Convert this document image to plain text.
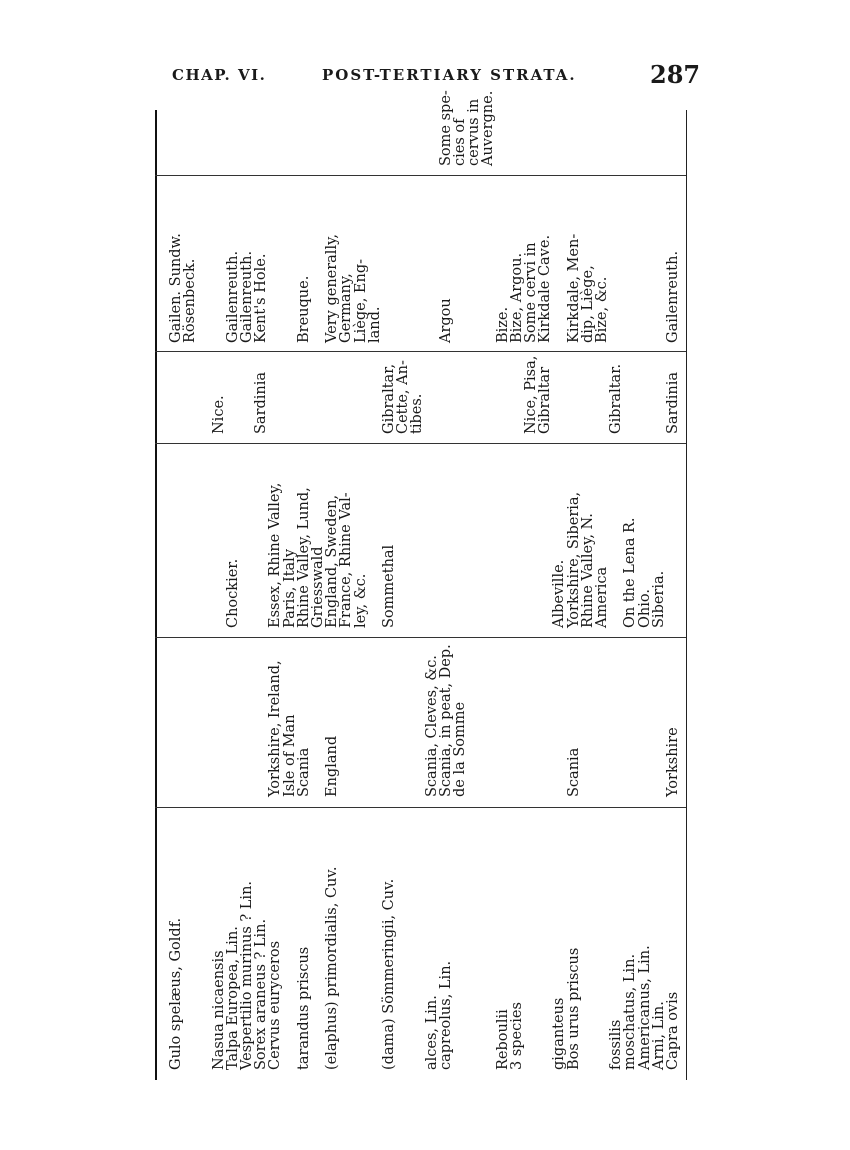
CHAP. VI.	POST-TERTIARY STRATA.	287
Gulo spelæus, Goldf.
Gailen. Sundw.
Rösenbeck.
Nasua nicaensis
Nice.
Talpa Europea, Lin.
Chockier.
Gailenreuth.
Vespertilio murinus ? Lin.
Gailenreuth.
Sorex araneus ? Lin.
Sardinia
Kent's Hole.
Cervus euryceros
Yorkshire, Ireland,
Essex, Rhine Valley,
Isle of Man
Paris, Italy
tarandus priscus
Scania
Rhine Valley, Lund,
Breuque.
Griesswald
(elaphus) primordialis, Cuv.
England
England, Sweden,
Very generally,
France, Rhine Val-
Germany,
ley, &c.
Liège, Eng-
land.
(dama) Sömmeringii, Cuv.
Sommethal
Gibraltar,
Cette, An-
tibes.
alces, Lin.
Scania, Cleves, &c.
capreolus, Lin.
Scania, in peat, Dep.
Argou
Some spe-
de la Somme
cies of
cervus in
Auvergne.
Reboulii
Bize.
3 species
Bize, Argou.
Nice, Pisa,
Some cervi in
Gibraltar
Kirkdale Cave.
giganteus
Albeville.
Bos urus priscus
Scania
Yorkshire, Siberia,
Kirkdale, Men-
Rhine Valley, N.
dip, Liège,
America
Bize, &c.
fossilis
Gibraltar.
moschatus, Lin.
On the Lena R.
Americanus, Lin.
Ohio.
Arni, Lin.
Siberia.
Capra ovis
Yorkshire
Sardinia
Gailenreuth.
